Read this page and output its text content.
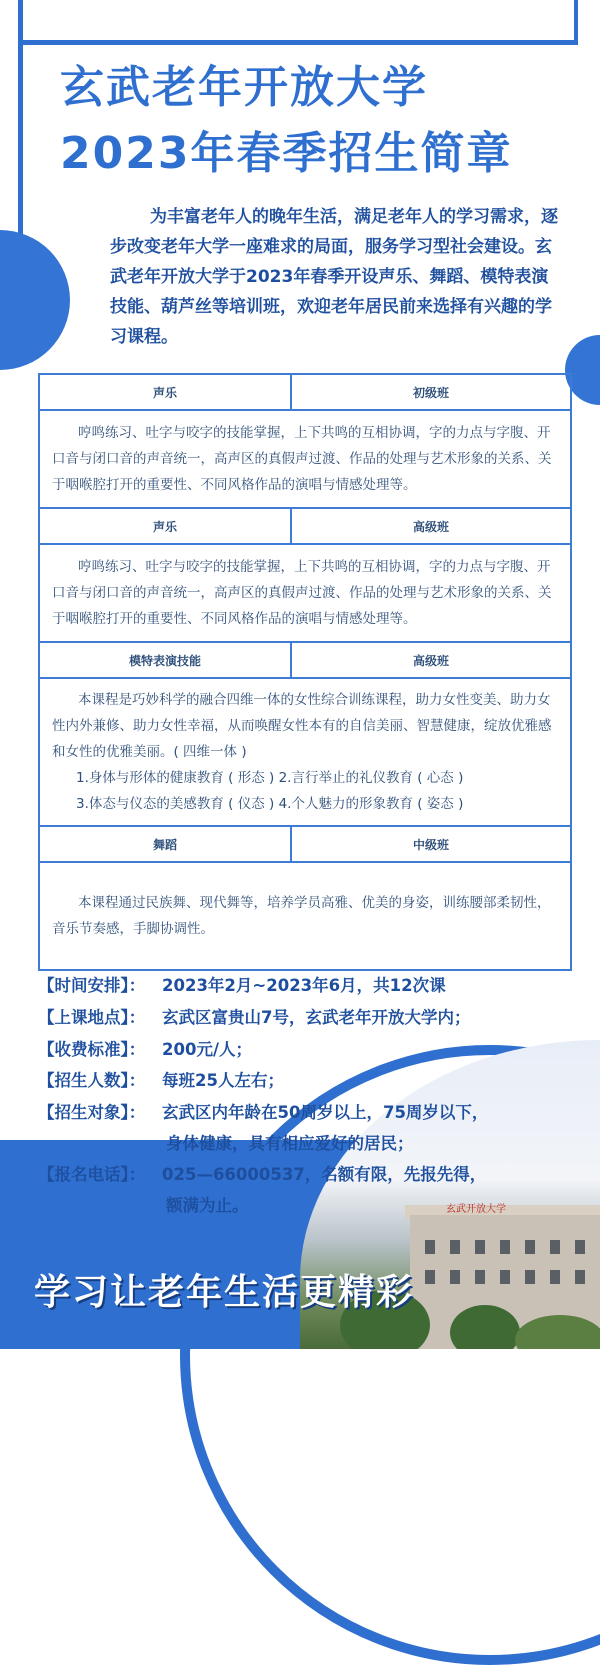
玄武老年开放大学
2023年春季招生简章
为丰富老年人的晚年生活，满足老年人的学习需求，逐步改变老年大学一座难求的局面，服务学习型社会建设。玄武老年开放大学于2023年春季开设声乐、舞蹈、模特表演技能、葫芦丝等培训班，欢迎老年居民前来选择有兴趣的学习课程。
声乐	初级班

哼鸣练习、吐字与咬字的技能掌握，上下共鸣的互相协调，字的力点与字腹、开口音与闭口音的声音统一，高声区的真假声过渡、作品的处理与艺术形象的关系、关于咽喉腔打开的重要性、不同风格作品的演唱与情感处理等。	

声乐	高级班

哼鸣练习、吐字与咬字的技能掌握，上下共鸣的互相协调，字的力点与字腹、开口音与闭口音的声音统一，高声区的真假声过渡、作品的处理与艺术形象的关系、关于咽喉腔打开的重要性、不同风格作品的演唱与情感处理等。	

模特表演技能	高级班

本课程是巧妙科学的融合四维一体的女性综合训练课程，助力女性变美、助力女性内外兼修、助力女性幸福，从而唤醒女性本有的自信美丽、智慧健康，绽放优雅感和女性的优雅美丽。( 四维一体 )

1.身体与形体的健康教育 ( 形态 ) 2.言行举止的礼仪教育 ( 心态 )

3.体态与仪态的美感教育 ( 仪态 ) 4.个人魅力的形象教育 ( 姿态 )	

舞蹈	中级班

本课程通过民族舞、现代舞等，培养学员高雅、优美的身姿，训练腰部柔韧性，音乐节奏感，手脚协调性。	

玄武开放大学
【时间安排】： 2023年2月~2023年6月，共12次课
【上课地点】： 玄武区富贵山7号，玄武老年开放大学内；
【收费标准】： 200元/人；
【招生人数】： 每班25人左右；
【招生对象】： 玄武区内年龄在50周岁以上，75周岁以下，
身体健康，具有相应爱好的居民；
【报名电话】： 025—66000537，名额有限，先报先得，
额满为止。
学习让老年生活更精彩
